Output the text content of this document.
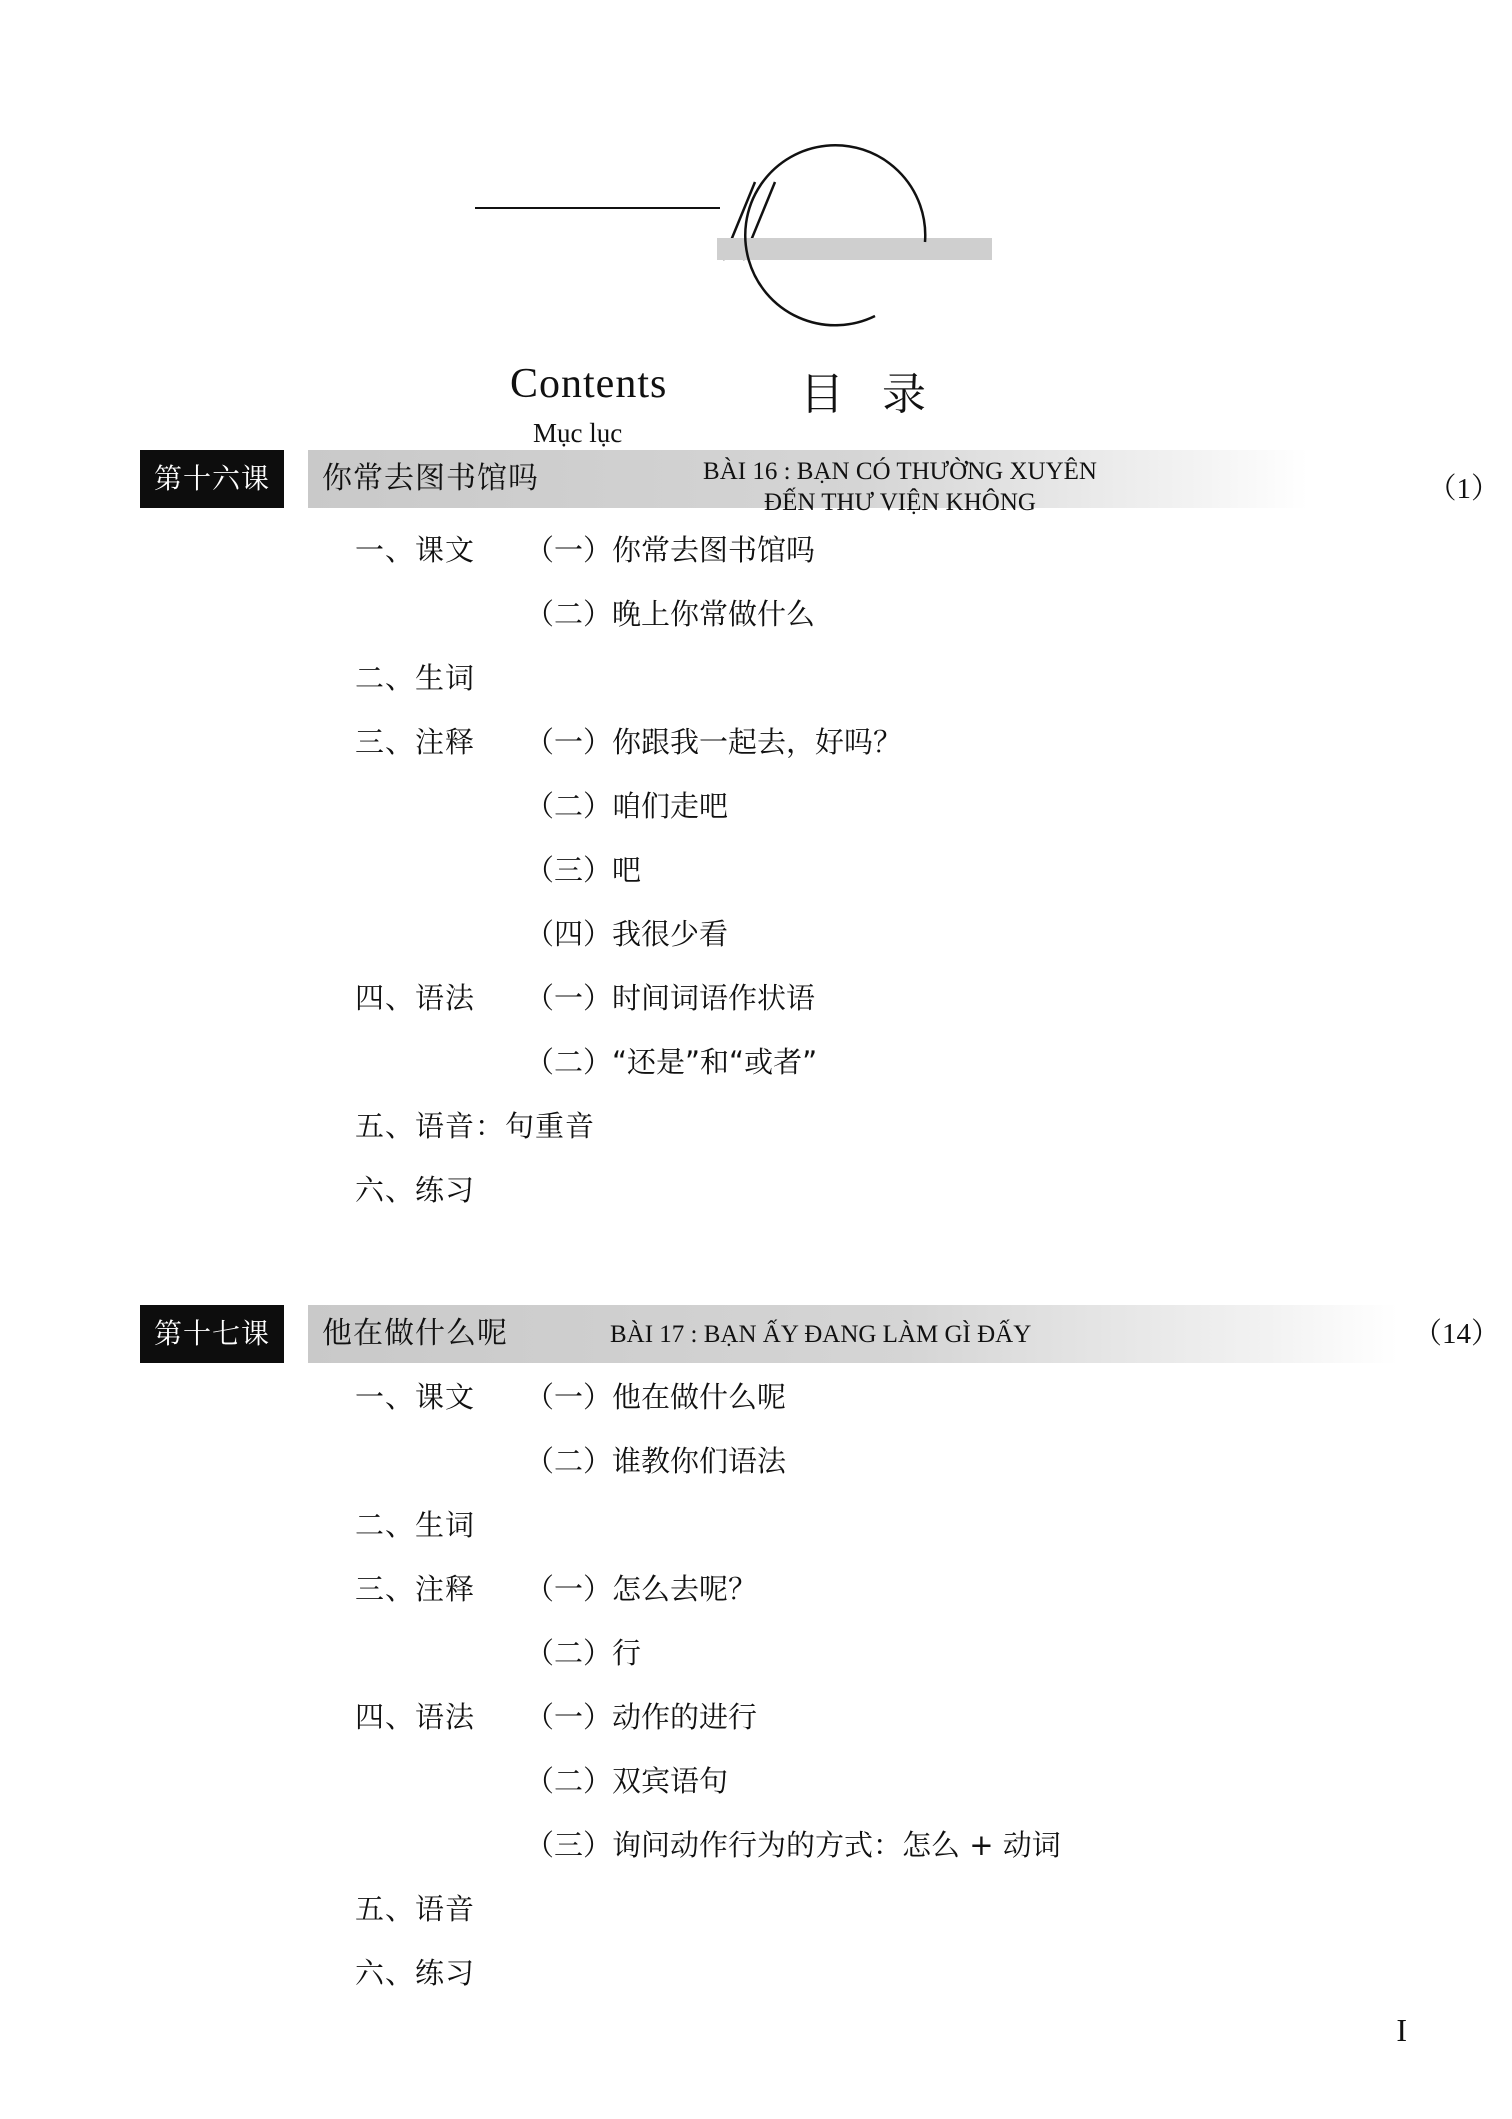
Contents
Mục lục
目 录
第十六课	你常去图书馆吗	BÀI 16 : BẠN CÓ THƯỜNG XUYÊN
ĐẾN THƯ VIỆN KHÔNG	（1）
一、课文 （一）你常去图书馆吗
（二）晚上你常做什么
二、生词
三、注释 （一）你跟我一起去，好吗？
（二）咱们走吧
（三）吧
（四）我很少看
四、语法 （一）时间词语作状语
（二）“还是”和“或者”
五、语音：句重音
六、练习
第十七课	他在做什么呢	BÀI 17 : BẠN ẤY ĐANG LÀM GÌ ĐẤY	（14）
一、课文 （一）他在做什么呢
（二）谁教你们语法
二、生词
三、注释 （一）怎么去呢？
（二）行
四、语法 （一）动作的进行
（二）双宾语句
（三）询问动作行为的方式：怎么 + 动词
五、语音
六、练习
I
